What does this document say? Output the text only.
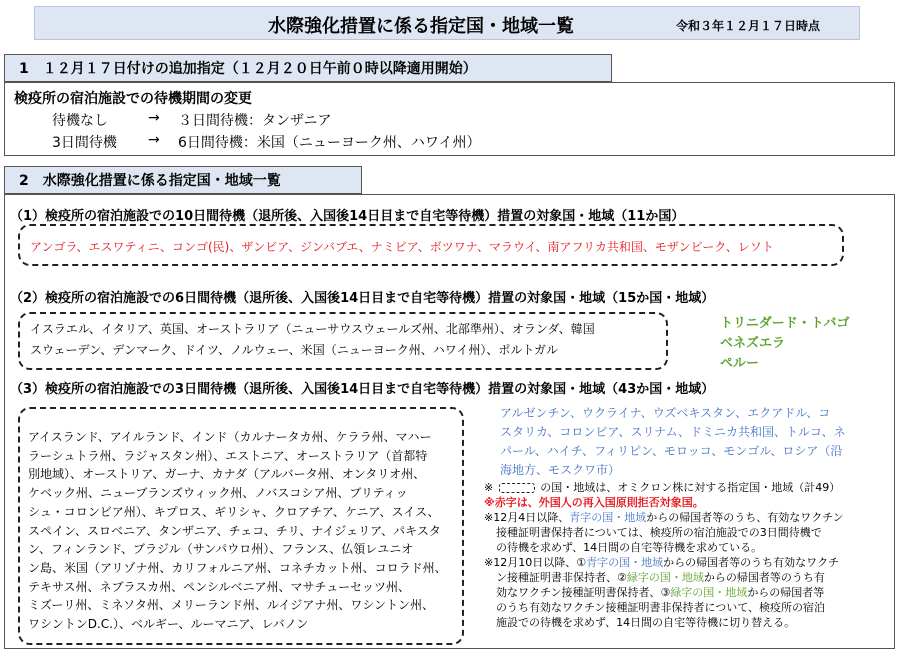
水際強化措置に係る指定国・地域一覧	令和３年１２月１７日時点
1　１２月１７日付けの追加指定（１２月２０日午前０時以降適用開始）
検疫所の宿泊施設での待機期間の変更
待機なし	→ ３日間待機：タンザニア
3日間待機 → 6日間待機：米国（ニューヨーク州、ハワイ州）
2　水際強化措置に係る指定国・地域一覧
（1）検疫所の宿泊施設での10日間待機（退所後、入国後14日目まで自宅等待機）措置の対象国・地域（11か国）
アンゴラ、エスワティニ、コンゴ(民)、ザンビア、ジンバブエ、ナミビア、ボツワナ、マラウイ、南アフリカ共和国、モザンビーク、レソト
（2）検疫所の宿泊施設での6日間待機（退所後、入国後14日目まで自宅等待機）措置の対象国・地域（15か国・地域）
イスラエル、イタリア、英国、オーストラリア（ニューサウスウェールズ州、北部準州）、オランダ、韓国
スウェーデン、デンマーク、ドイツ、ノルウェー、米国（ニューヨーク州、ハワイ州）、ポルトガル
トリニダード・トバゴ
ベネズエラ
ペルー
（3）検疫所の宿泊施設での3日間待機（退所後、入国後14日目まで自宅等待機）措置の対象国・地域（43か国・地域）
アイスランド、アイルランド、インド（カルナータカ州、ケララ州、マハー
ラーシュトラ州、ラジャスタン州）、エストニア、オーストラリア（首都特
別地域）、オーストリア、ガーナ、カナダ（アルバータ州、オンタリオ州、
ケベック州、ニューブランズウィック州、ノバスコシア州、ブリティッ
シュ・コロンビア州）、キプロス、ギリシャ、クロアチア、ケニア、スイス、
スペイン、スロベニア、タンザニア、チェコ、チリ、ナイジェリア、パキスタ
ン、フィンランド、ブラジル（サンパウロ州）、フランス、仏領レユニオ
ン島、米国（アリゾナ州、カリフォルニア州、コネチカット州、コロラド州、
テキサス州、ネブラスカ州、ペンシルベニア州、マサチューセッツ州、
ミズーリ州、ミネソタ州、メリーランド州、ルイジアナ州、ワシントン州、
ワシントンD.C.）、ベルギー、ルーマニア、レバノン
アルゼンチン、ウクライナ、ウズベキスタン、エクアドル、コ
スタリカ、コロンビア、スリナム、ドミニカ共和国、トルコ、ネ
パール、ハイチ、フィリピン、モロッコ、モンゴル、ロシア（沿
海地方、モスクワ市）
※	の国・地域は、オミクロン株に対する指定国・地域（計49）
※赤字は、外国人の再入国原則拒否対象国。
※12月4日以降、青字の国・地域からの帰国者等のうち、有効なワクチン
接種証明書保持者については、検疫所の宿泊施設での3日間待機で
の待機を求めず、14日間の自宅等待機を求めている。
※12月10日以降、①青字の国・地域からの帰国者等のうち有効なワクチ
ン接種証明書非保持者、②緑字の国・地域からの帰国者等のうち有
効なワクチン接種証明書保持者、③緑字の国・地域からの帰国者等
のうち有効なワクチン接種証明書非保持者について、検疫所の宿泊
施設での待機を求めず、14日間の自宅等待機に切り替える。
